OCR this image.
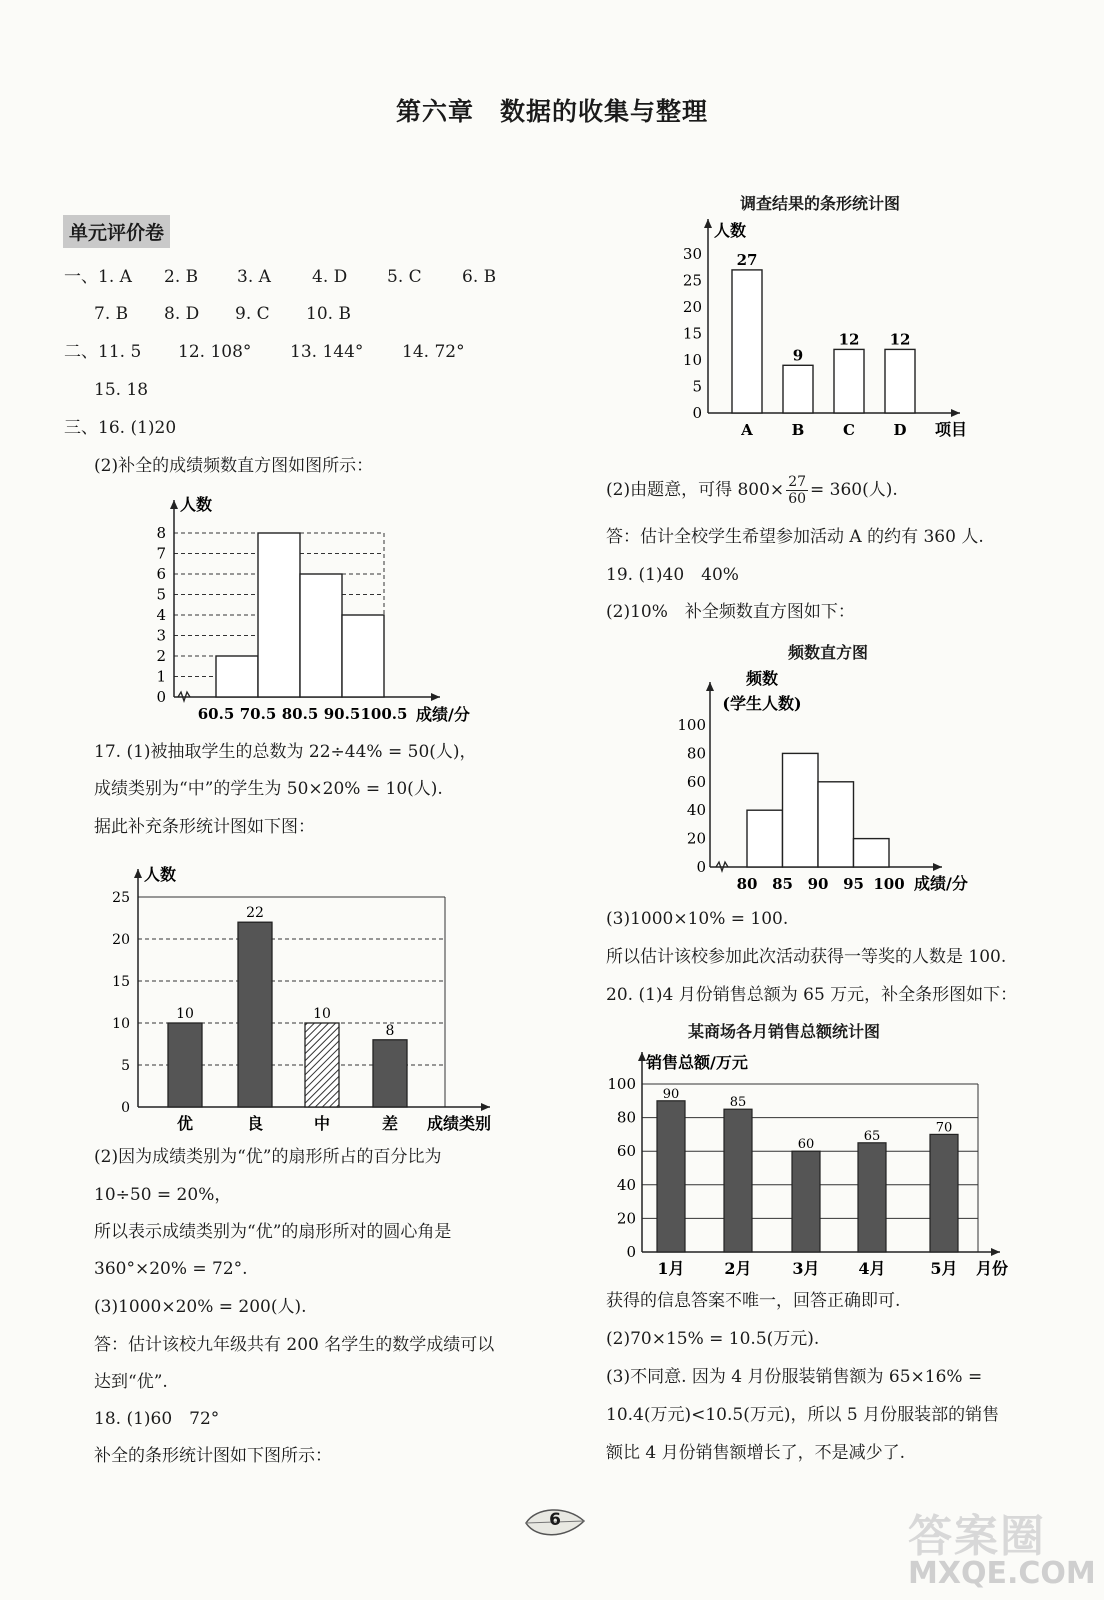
第六章　数据的收集与整理
单元评价卷
一、1. A 2. B 3. A 4. D 5. C 6. B
7. B 8. D 9. C 10. B
二、11. 5 12. 108° 13. 144° 14. 72°
15. 18
三、16. (1)20
(2)补全的成绩频数直方图如图所示：
0
1
2
3
4
5
6
7
8
60.5 70.5 80.5 90.5 100.5
人数
成绩/分
17. (1)被抽取学生的总数为 22÷44% = 50(人)，
成绩类别为“中”的学生为 50×20% = 10(人).
据此补充条形统计图如下图：
10
优
22
良
10
中
8
差
0
5
10
15
20
25
人数
成绩类别
(2)因为成绩类别为“优”的扇形所占的百分比为
10÷50 = 20%，
所以表示成绩类别为“优”的扇形所对的圆心角是
360°×20% = 72°.
(3)1000×20% = 200(人).
答：估计该校九年级共有 200 名学生的数学成绩可以
达到“优”.
18. (1)60　72°
补全的条形统计图如下图所示：
调查结果的条形统计图
27
A
9
B
12
C
12
D
0
5
10
15
20
25
30
人数
项目
(2)由题意，可得 $800\times \frac{27}{60} = 360$(人).
答：估计全校学生希望参加活动 A 的约有 360 人.
19. (1)40　40%
(2)10%　补全频数直方图如下：
频数直方图
0
20
40
60
80
100
80 85 90 95 100
频数
(学生人数)
成绩/分
(3)1000×10% = 100.
所以估计该校参加此次活动获得一等奖的人数是 100.
20. (1)4 月份销售总额为 65 万元，补全条形图如下：
某商场各月销售总额统计图
90
1月
85
2月
60
3月
65
4月
70
5月
0
20
40
60
80
100
销售总额/万元
月份
获得的信息答案不唯一，回答正确即可.
(2)70×15% = 10.5(万元).
(3)不同意. 因为 4 月份服装销售额为 65×16% =
10.4(万元)<10.5(万元)，所以 5 月份服装部的销售
额比 4 月份销售额增长了，不是减少了.
6	答案圈
MXQE.COM
